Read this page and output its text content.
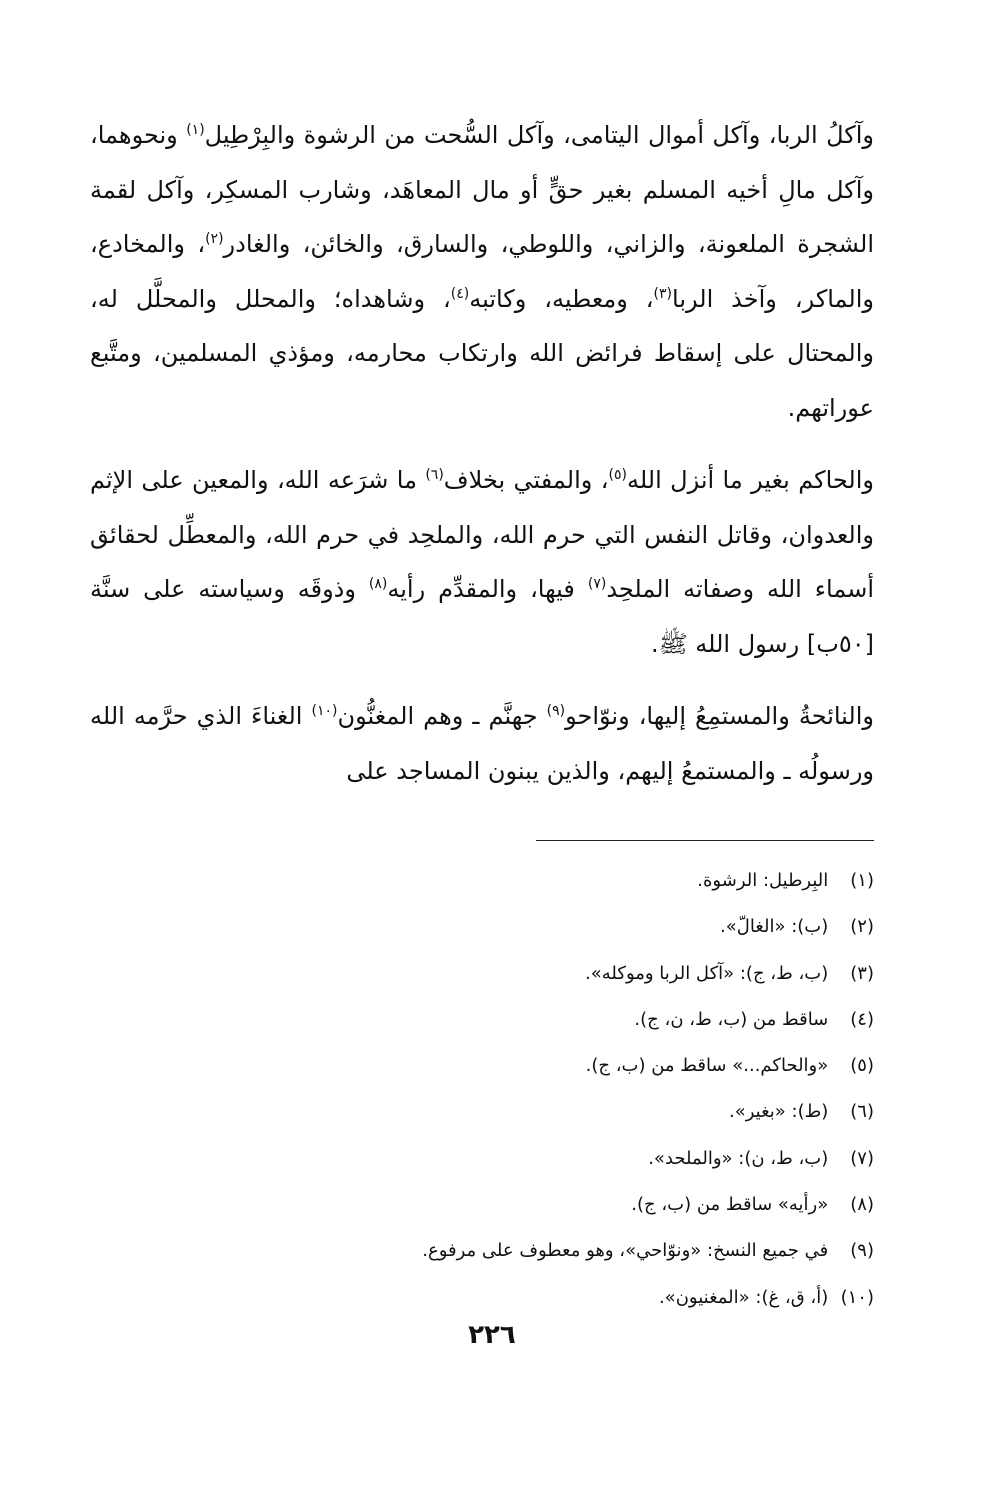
وآكلُ الربا، وآكل أموال اليتامى، وآكل السُّحت من الرشوة والبِرْطِيل$^{(١)}$ ونحوهما، وآكل مالِ أخيه المسلم بغير حقٍّ أو مال المعاهَد، وشارب المسكِر، وآكل لقمة الشجرة الملعونة، والزاني، واللوطي، والسارق، والخائن، والغادر$^{(٢)}$، والمخادع، والماكر، وآخذ الربا$^{(٣)}$، ومعطيه، وكاتبه$^{(٤)}$، وشاهداه؛ والمحلل والمحلَّل له، والمحتال على إسقاط فرائض الله وارتكاب محارمه، ومؤذي المسلمين، ومتَّبع عوراتهم.

والحاكم بغير ما أنزل الله$^{(٥)}$، والمفتي بخلاف$^{(٦)}$ ما شرَعه الله، والمعين على الإثم والعدوان، وقاتل النفس التي حرم الله، والملحِد في حرم الله، والمعطِّل لحقائق أسماء الله وصفاته الملحِد$^{(٧)}$ فيها، والمقدِّم رأيه$^{(٨)}$ وذوقَه وسياسته على سنَّة [٥٠ب] رسول الله ﷺ.

والنائحةُ والمستمِعُ إليها، ونوّاحو$^{(٩)}$ جهنَّم ـ وهم المغنُّون$^{(١٠)}$ الغناءَ الذي حرَّمه الله ورسولُه ـ والمستمعُ إليهم، والذين يبنون المساجد على

(١) البِرطيل: الرشوة.
(٢) (ب): «الغالّ».
(٣) (ب، ط، ج): «آكل الربا وموكله».
(٤) ساقط من (ب، ط، ن، ج).
(٥) «والحاكم...» ساقط من (ب، ج).
(٦) (ط): «بغير».
(٧) (ب، ط، ن): «والملحد».
(٨) «رأيه» ساقط من (ب، ج).
(٩) في جميع النسخ: «ونوّاحي»، وهو معطوف على مرفوع.
(١٠) (أ، ق، غ): «المغنيون».
٢٢٦
